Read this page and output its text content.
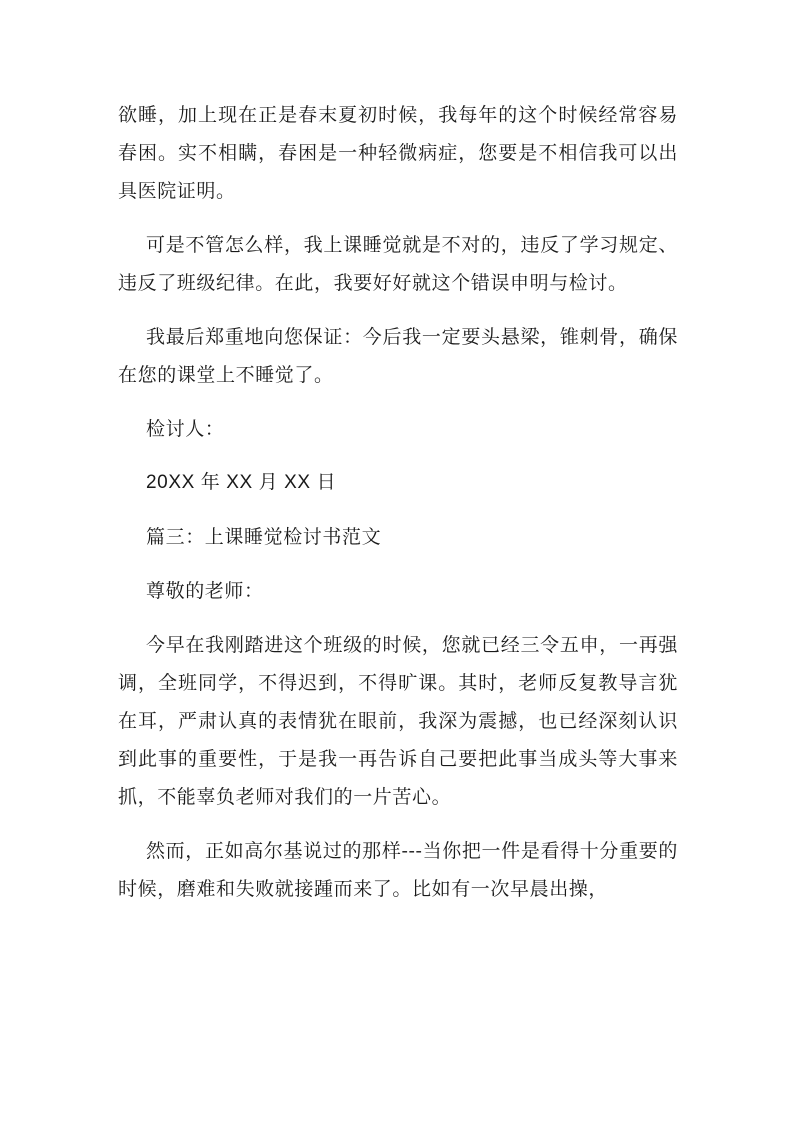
欲睡，加上现在正是春末夏初时候，我每年的这个时候经常容易春困。实不相瞒，春困是一种轻微病症，您要是不相信我可以出具医院证明。

可是不管怎么样，我上课睡觉就是不对的，违反了学习规定、违反了班级纪律。在此，我要好好就这个错误申明与检讨。

我最后郑重地向您保证：今后我一定要头悬梁，锥刺骨，确保在您的课堂上不睡觉了。

检讨人：

20XX 年 XX 月 XX 日

篇三：上课睡觉检讨书范文

尊敬的老师：

今早在我刚踏进这个班级的时候，您就已经三令五申，一再强调，全班同学，不得迟到，不得旷课。其时，老师反复教导言犹在耳，严肃认真的表情犹在眼前，我深为震撼，也已经深刻认识到此事的重要性，于是我一再告诉自己要把此事当成头等大事来抓，不能辜负老师对我们的一片苦心。

然而，正如高尔基说过的那样---当你把一件是看得十分重要的时候，磨难和失败就接踵而来了。比如有一次早晨出操，
